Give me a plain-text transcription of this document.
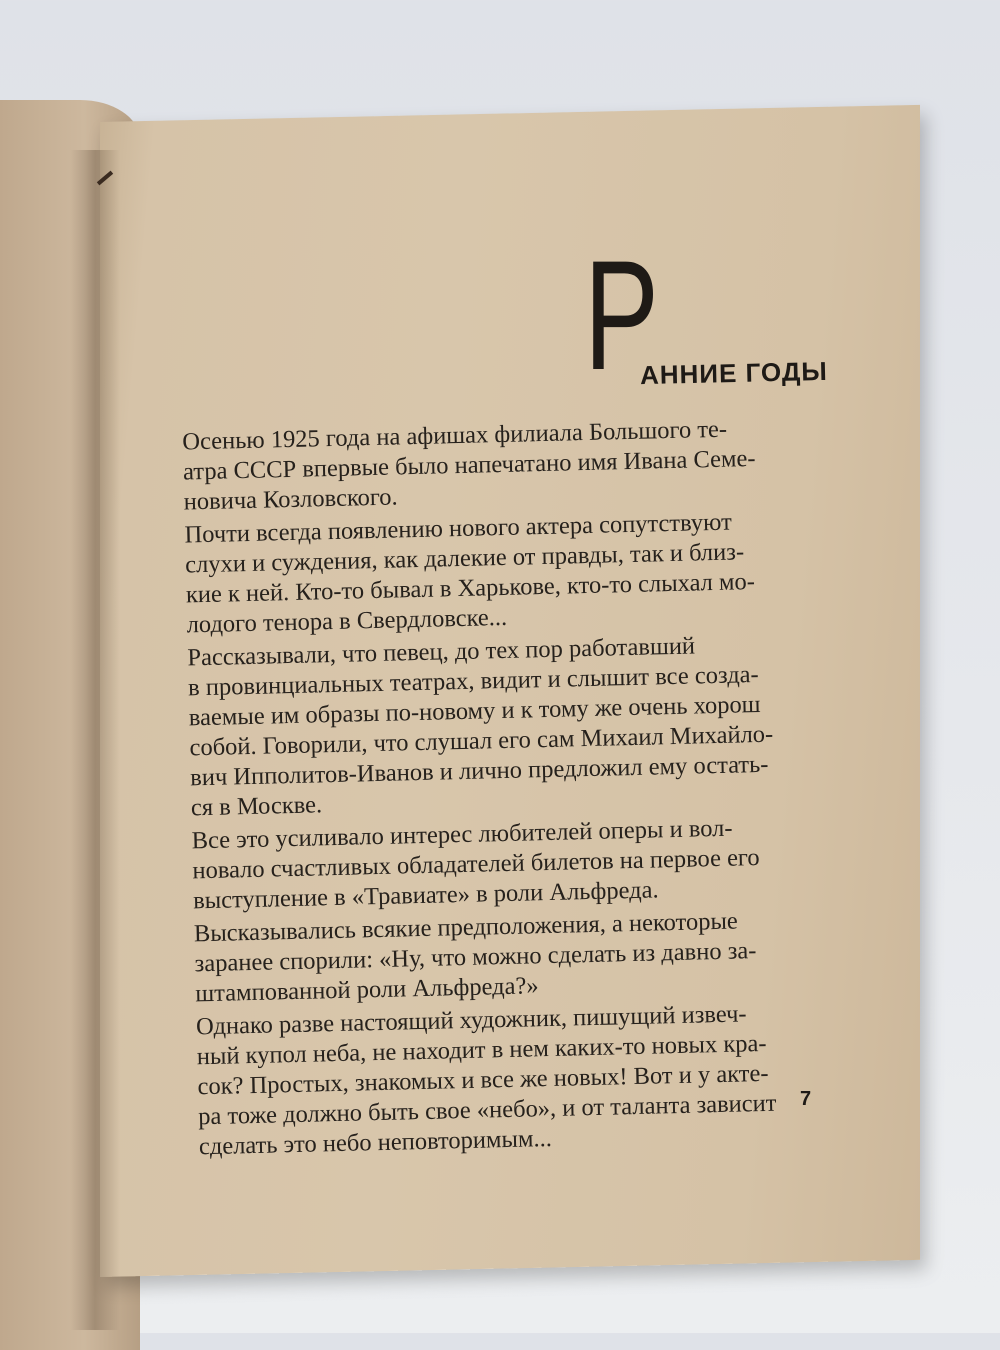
Р
АННИЕ ГОДЫ

Осенью 1925 года на афишах филиала Большого те-
атра СССР впервые было напечатано имя Ивана Семе-
новича Козловского.

Почти всегда появлению нового актера сопутствуют
слухи и суждения, как далекие от правды, так и близ-
кие к ней. Кто-то бывал в Харькове, кто-то слыхал мо-
лодого тенора в Свердловске...

Рассказывали, что певец, до тех пор работавший
в провинциальных театрах, видит и слышит все созда-
ваемые им образы по-новому и к тому же очень хорош
собой. Говорили, что слушал его сам Михаил Михайло-
вич Ипполитов-Иванов и лично предложил ему остать-
ся в Москве.

Все это усиливало интерес любителей оперы и вол-
новало счастливых обладателей билетов на первое его
выступление в «Травиате» в роли Альфреда.

Высказывались всякие предположения, а некоторые
заранее спорили: «Ну, что можно сделать из давно за-
штампованной роли Альфреда?»

Однако разве настоящий художник, пишущий извеч-
ный купол неба, не находит в нем каких-то новых кра-
сок? Простых, знакомых и все же новых! Вот и у акте-
ра тоже должно быть свое «небо», и от таланта зависит
сделать это небо неповторимым...

7
